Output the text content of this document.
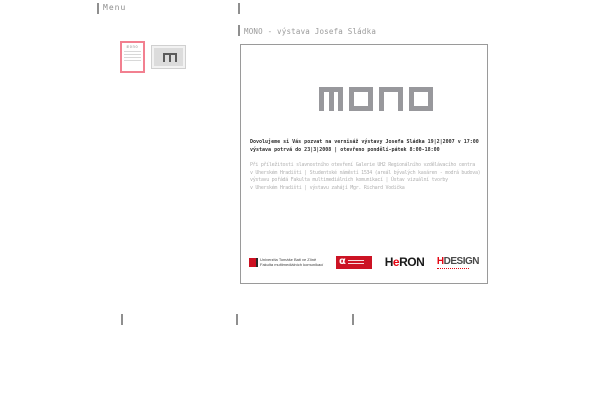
Menu
mono
MONO - výstava Josefa Sládka
Dovolujeme si Vás pozvat na vernisáž výstavy Josefa Sládka 19|2|2007 v 17:00
výstava potrvá do 23|3|2008 | otevřeno pondělí-pátek 8:00-18:00
Při příležitosti slavnostního otevření Galerie UH2 Regionálního vzdělávacího centra
v Uherském Hradišti | Studentské náměstí 1534 (areál bývalých kasáren - modrá budova)
výstavu pořádá Fakulta multimediálních komunikací | Ústav vizuální tvorby
v Uherském Hradišti | výstavu zahájí Mgr. Richard Vodička
Univerzita Tomáše Bati ve Zlíně
Fakulta multimediálních komunikací α	HeRON HDESIGN
